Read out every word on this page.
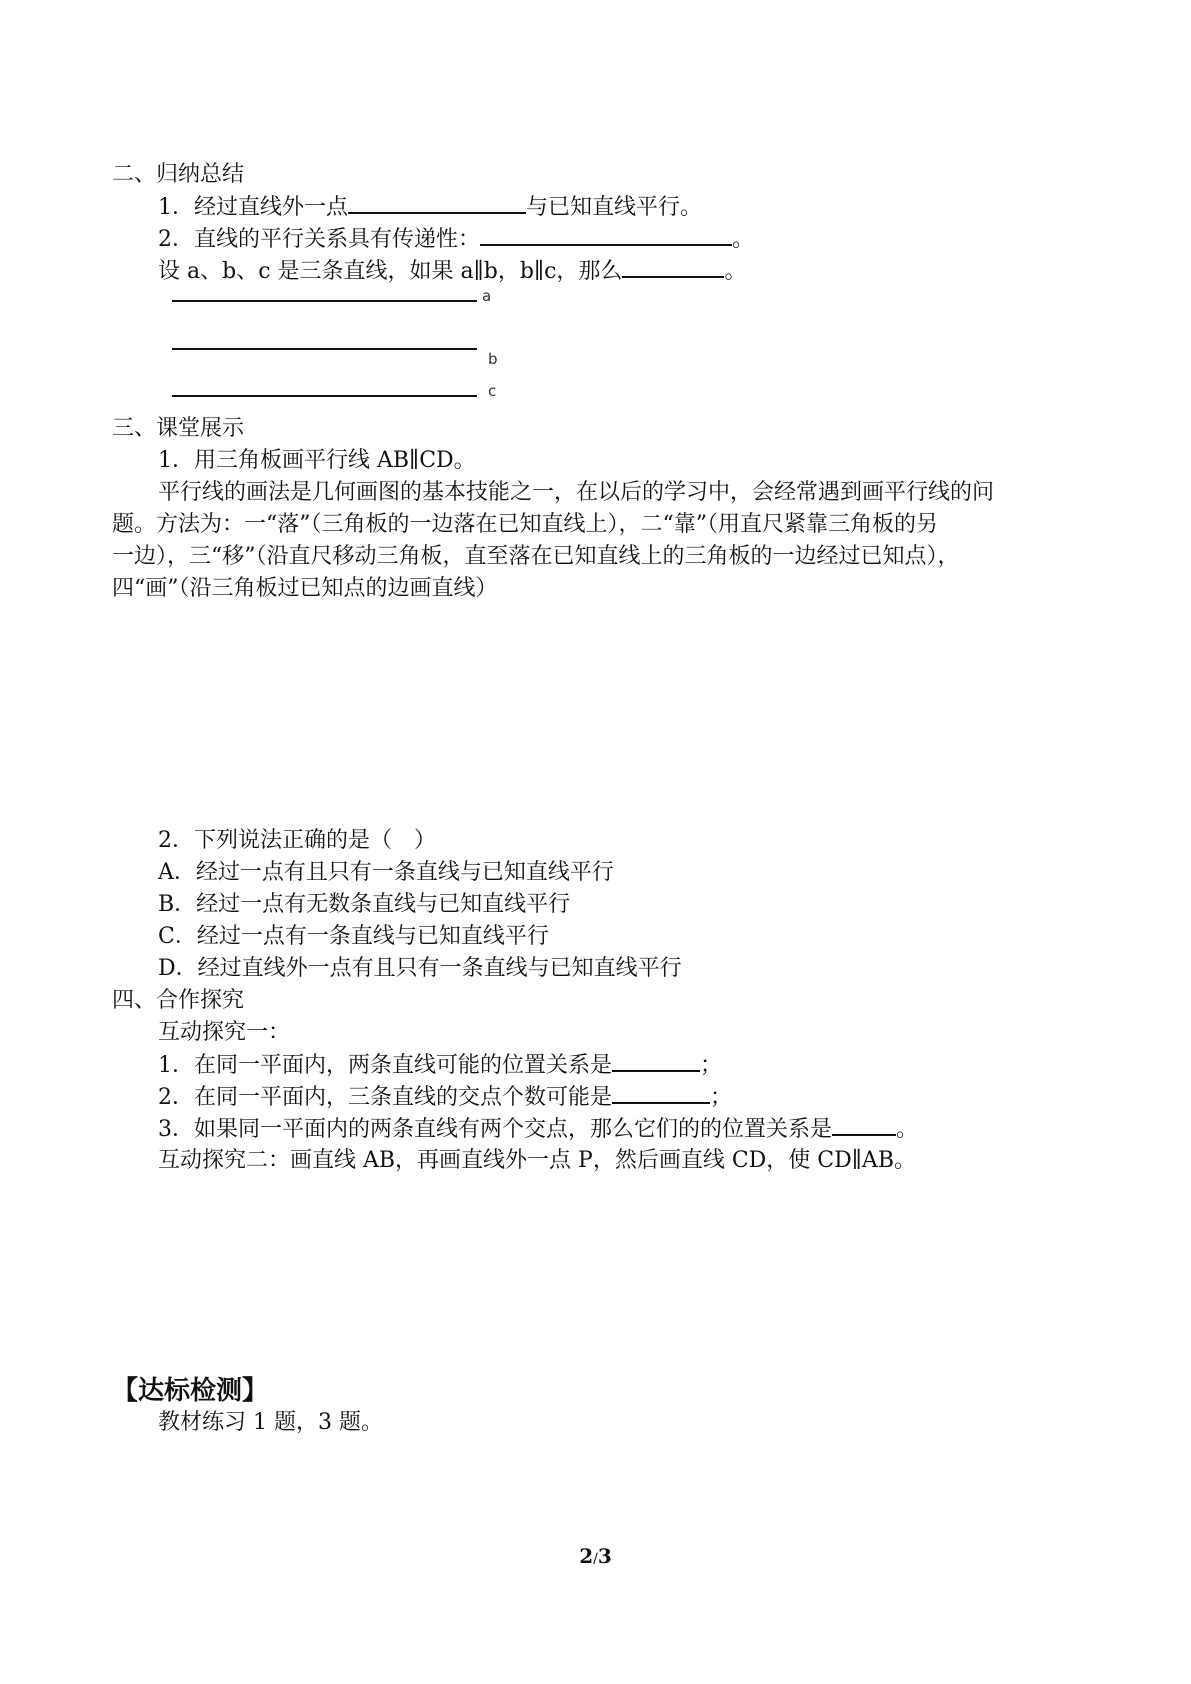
二、归纳总结
1．经过直线外一点	与已知直线平行。
2．直线的平行关系具有传递性：	。
设 a、b、c 是三条直线，如果 a∥b，b∥c，那么	。
a
b
c
三、课堂展示
1．用三角板画平行线 AB∥CD。
平行线的画法是几何画图的基本技能之一，在以后的学习中，会经常遇到画平行线的问
题。方法为：一“落”（三角板的一边落在已知直线上），二“靠”（用直尺紧靠三角板的另
一边），三“移”（沿直尺移动三角板，直至落在已知直线上的三角板的一边经过已知点），
四“画”（沿三角板过已知点的边画直线）
2．下列说法正确的是（　）
A．经过一点有且只有一条直线与已知直线平行
B．经过一点有无数条直线与已知直线平行
C．经过一点有一条直线与已知直线平行
D．经过直线外一点有且只有一条直线与已知直线平行
四、合作探究
互动探究一：
1．在同一平面内，两条直线可能的位置关系是	；
2．在同一平面内，三条直线的交点个数可能是	；
3．如果同一平面内的两条直线有两个交点，那么它们的的位置关系是	。
互动探究二：画直线 AB，再画直线外一点 P，然后画直线 CD，使 CD∥AB。
【达标检测】
教材练习 1 题，3 题。
2/3
